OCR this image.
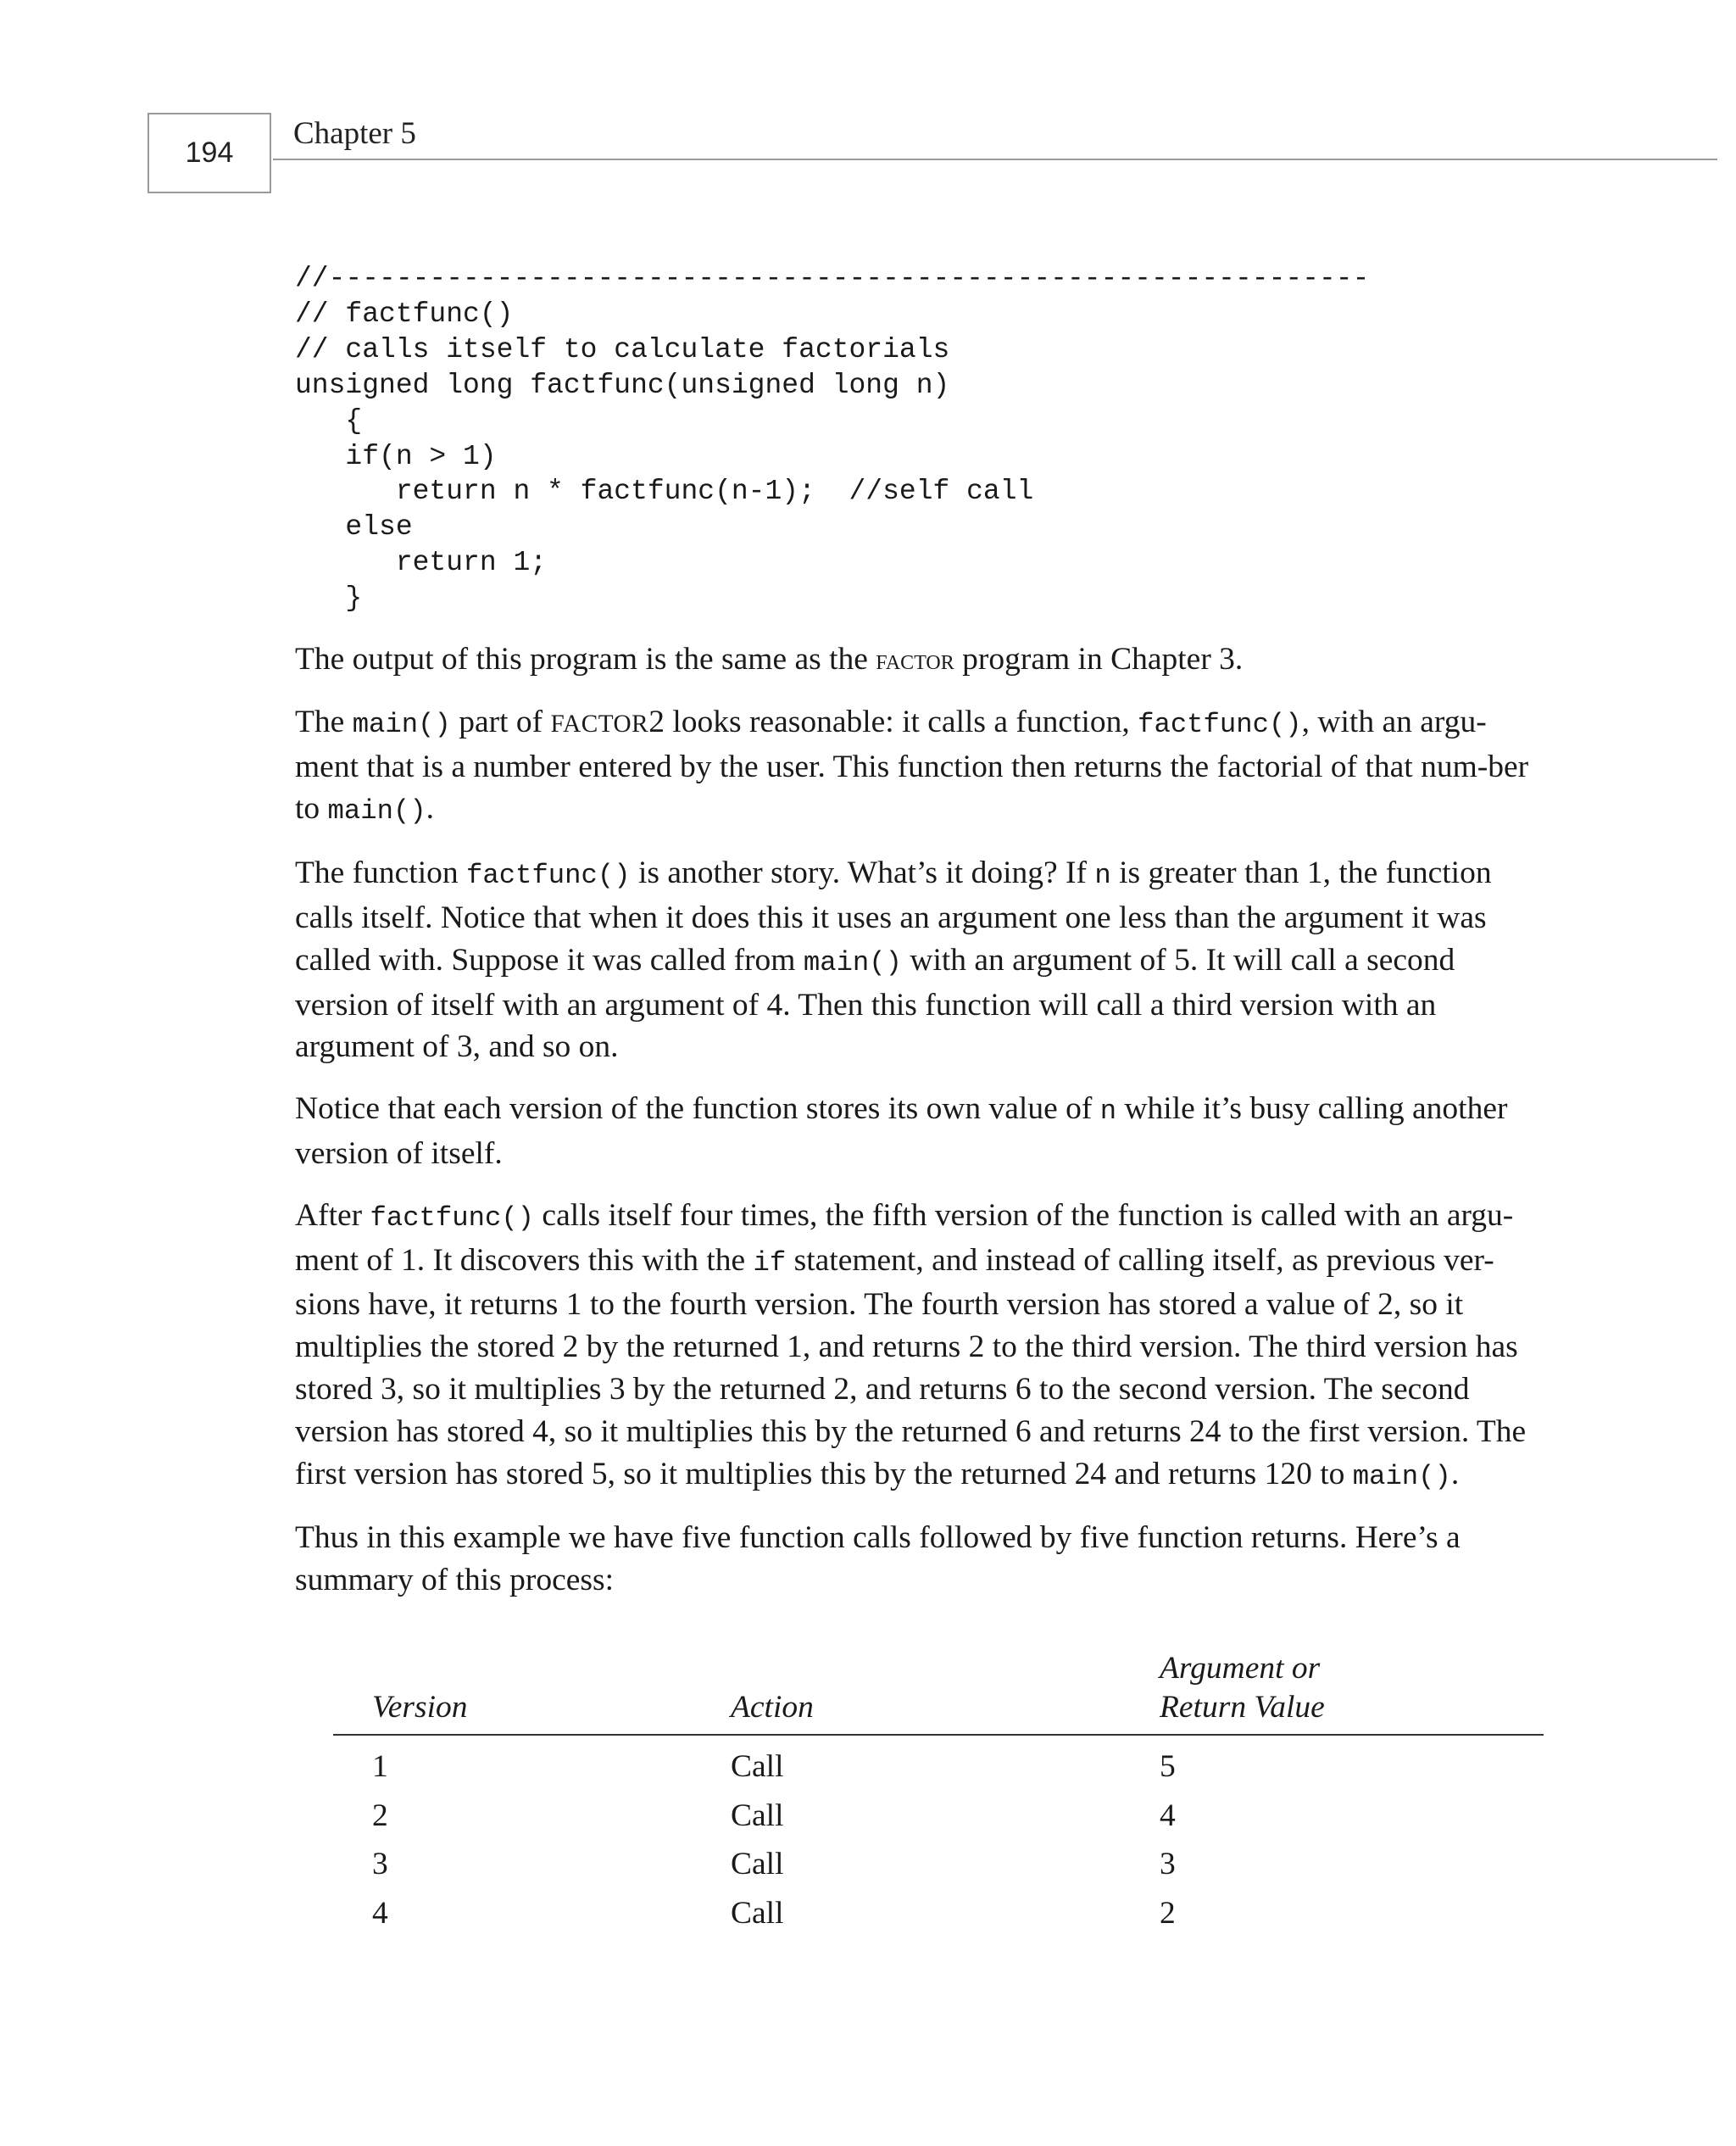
194
Chapter 5
//--------------------------------------------------------------
// factfunc()
// calls itself to calculate factorials
unsigned long factfunc(unsigned long n)
{
if(n > 1)
return n * factfunc(n-1);  //self call
else
return 1;
}

The output of this program is the same as the factor program in Chapter 3.

The main() part of FACTOR2 looks reasonable: it calls a function, factfunc(), with an argu-ment that is a number entered by the user. This function then returns the factorial of that num-ber to main().

The function factfunc() is another story. What’s it doing? If n is greater than 1, the function calls itself. Notice that when it does this it uses an argument one less than the argument it was called with. Suppose it was called from main() with an argument of 5. It will call a second version of itself with an argument of 4. Then this function will call a third version with an argument of 3, and so on.

Notice that each version of the function stores its own value of n while it’s busy calling another version of itself.

After factfunc() calls itself four times, the fifth version of the function is called with an argu-ment of 1. It discovers this with the if statement, and instead of calling itself, as previous ver-sions have, it returns 1 to the fourth version. The fourth version has stored a value of 2, so it multiplies the stored 2 by the returned 1, and returns 2 to the third version. The third version has stored 3, so it multiplies 3 by the returned 2, and returns 6 to the second version. The second version has stored 4, so it multiplies this by the returned 6 and returns 24 to the first version. The first version has stored 5, so it multiplies this by the returned 24 and returns 120 to main().

Thus in this example we have five function calls followed by five function returns. Here’s a summary of this process:

Version	Action	Argument or
Return Value
1	Call	5
2	Call	4
3	Call	3
4	Call	2
